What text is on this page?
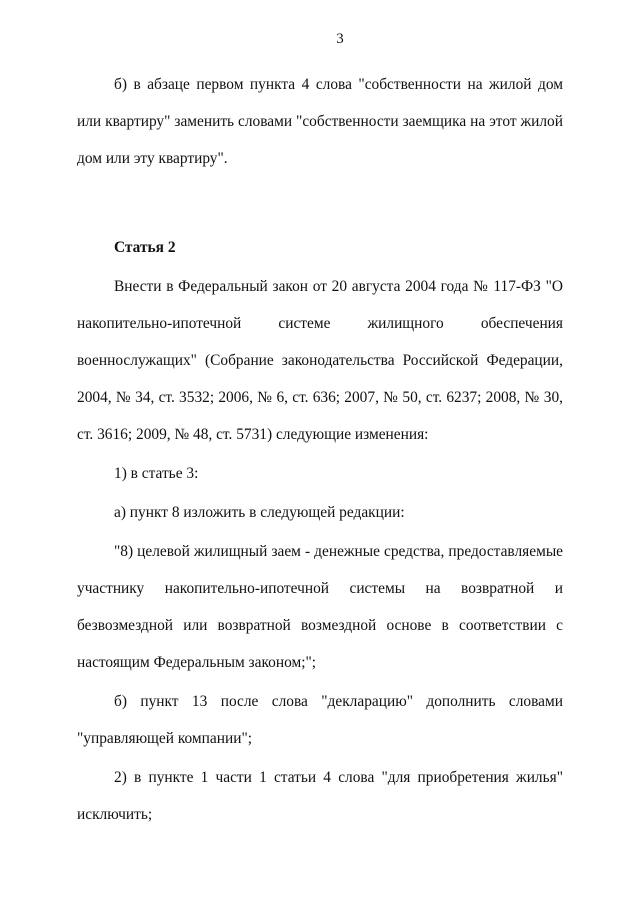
3

б) в абзаце первом пункта 4 слова "собственности на жилой дом или квартиру" заменить словами "собственности заемщика на этот жилой дом или эту квартиру".

Статья 2

Внести в Федеральный закон от 20 августа 2004 года № 117-ФЗ "О накопительно-ипотечной системе жилищного обеспечения военнослужащих" (Собрание законодательства Российской Федерации, 2004, № 34, ст. 3532; 2006, № 6, ст. 636; 2007, № 50, ст. 6237; 2008, № 30, ст. 3616; 2009, № 48, ст. 5731) следующие изменения:

1) в статье 3:

а) пункт 8 изложить в следующей редакции:

"8) целевой жилищный заем - денежные средства, предоставляемые участнику накопительно-ипотечной системы на возвратной и безвозмездной или возвратной возмездной основе в соответствии с настоящим Федеральным законом;";

б) пункт 13 после слова "декларацию" дополнить словами "управляющей компании";

2) в пункте 1 части 1 статьи 4 слова "для приобретения жилья" исключить;
